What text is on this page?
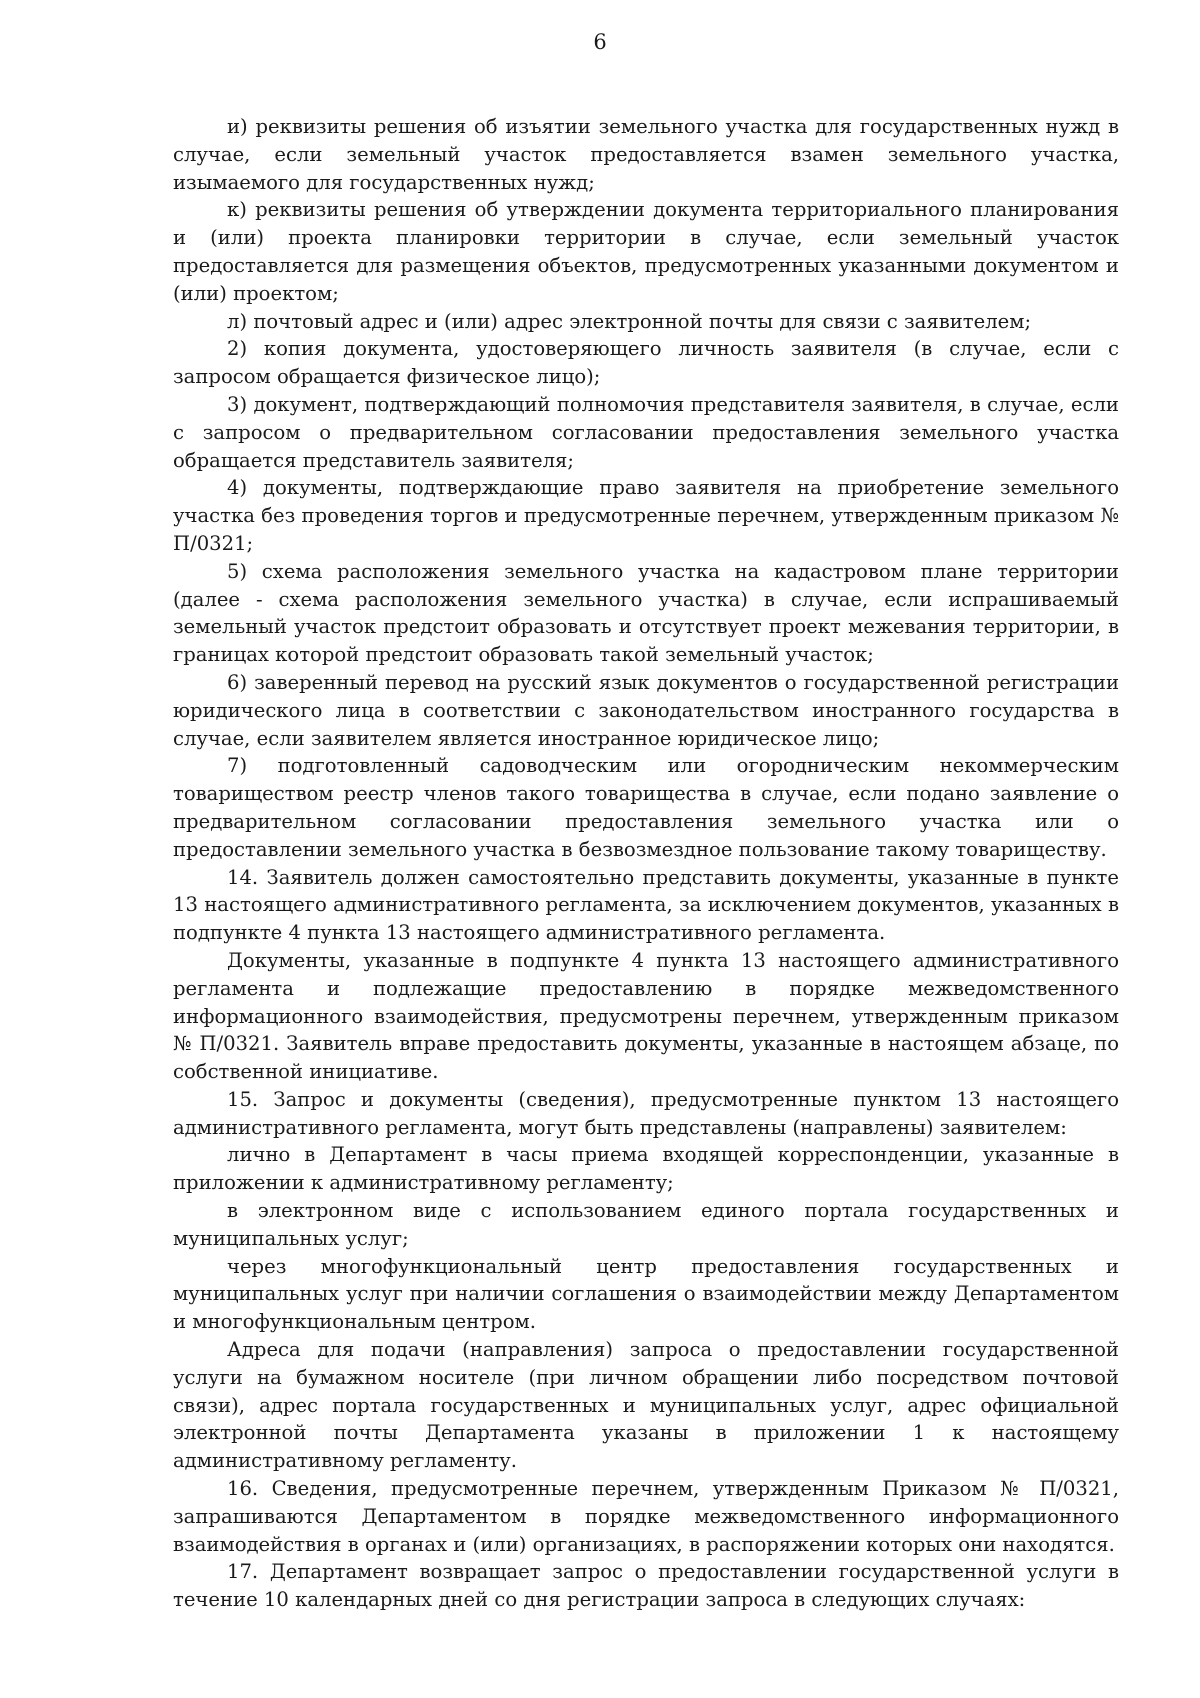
6

и) реквизиты решения об изъятии земельного участка для государственных нужд в случае, если земельный участок предоставляется взамен земельного участка, изымаемого для государственных нужд;

к) реквизиты решения об утверждении документа территориального планирования и (или) проекта планировки территории в случае, если земельный участок предоставляется для размещения объектов, предусмотренных указанными документом и (или) проектом;

л) почтовый адрес и (или) адрес электронной почты для связи с заявителем;

2) копия документа, удостоверяющего личность заявителя (в случае, если с запросом обращается физическое лицо);

3) документ, подтверждающий полномочия представителя заявителя, в случае, если с запросом о предварительном согласовании предоставления земельного участка обращается представитель заявителя;

4) документы, подтверждающие право заявителя на приобретение земельного участка без проведения торгов и предусмотренные перечнем, утвержденным приказом № П/0321;

5) схема расположения земельного участка на кадастровом плане территории (далее - схема расположения земельного участка) в случае, если испрашиваемый земельный участок предстоит образовать и отсутствует проект межевания территории, в границах которой предстоит образовать такой земельный участок;

6) заверенный перевод на русский язык документов о государственной регистрации юридического лица в соответствии с законодательством иностранного государства в случае, если заявителем является иностранное юридическое лицо;

7) подготовленный садоводческим или огородническим некоммерческим товариществом реестр членов такого товарищества в случае, если подано заявление о предварительном согласовании предоставления земельного участка или о предоставлении земельного участка в безвозмездное пользование такому товариществу.

14. Заявитель должен самостоятельно представить документы, указанные в пункте 13 настоящего административного регламента, за исключением документов, указанных в подпункте 4 пункта 13 настоящего административного регламента.

Документы, указанные в подпункте 4 пункта 13 настоящего административного регламента и подлежащие предоставлению в порядке межведомственного информационного взаимодействия, предусмотрены перечнем, утвержденным приказом № П/0321. Заявитель вправе предоставить документы, указанные в настоящем абзаце, по собственной инициативе.

15. Запрос и документы (сведения), предусмотренные пунктом 13 настоящего административного регламента, могут быть представлены (направлены) заявителем:

лично в Департамент в часы приема входящей корреспонденции, указанные в приложении к административному регламенту;

в электронном виде с использованием единого портала государственных и муниципальных услуг;

через многофункциональный центр предоставления государственных и муниципальных услуг при наличии соглашения о взаимодействии между Департаментом и многофункциональным центром.

Адреса для подачи (направления) запроса о предоставлении государственной услуги на бумажном носителе (при личном обращении либо посредством почтовой связи), адрес портала государственных и муниципальных услуг, адрес официальной электронной почты Департамента указаны в приложении 1 к настоящему административному регламенту.

16. Сведения, предусмотренные перечнем, утвержденным Приказом № П/0321, запрашиваются Департаментом в порядке межведомственного информационного взаимодействия в органах и (или) организациях, в распоряжении которых они находятся.

17. Департамент возвращает запрос о предоставлении государственной услуги в течение 10 календарных дней со дня регистрации запроса в следующих случаях:
